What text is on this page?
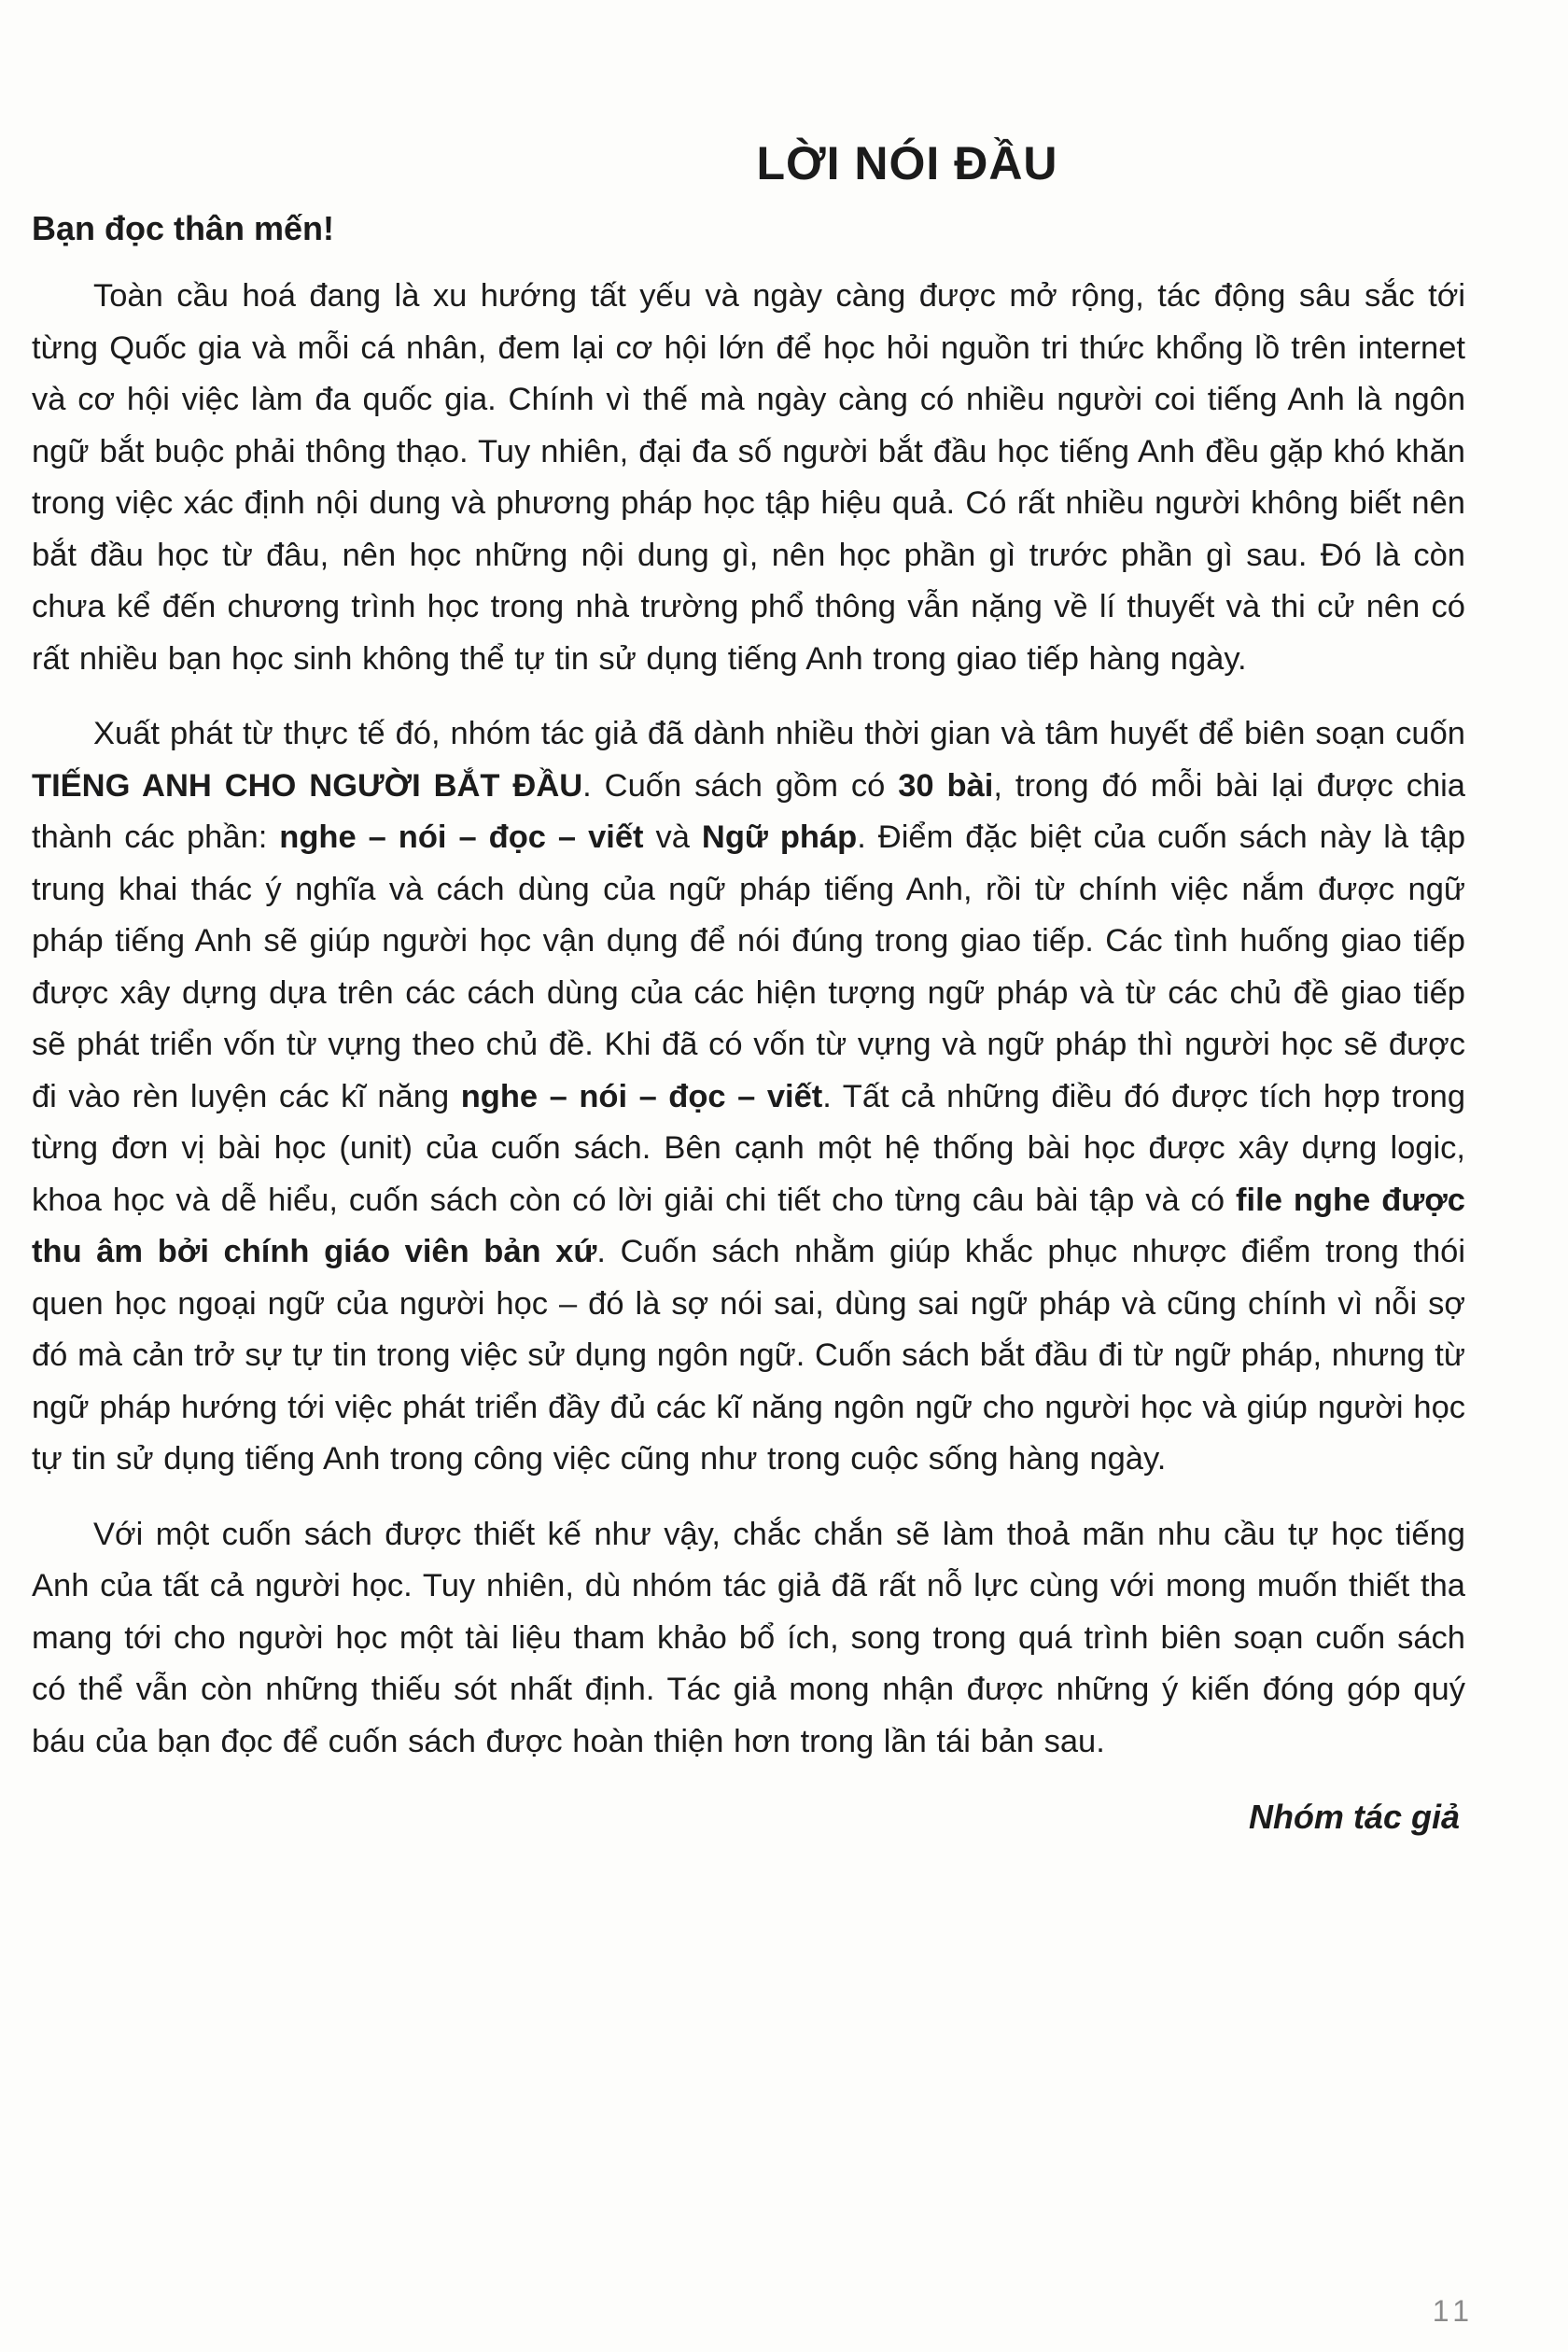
LỜI NÓI ĐẦU
Bạn đọc thân mến!

Toàn cầu hoá đang là xu hướng tất yếu và ngày càng được mở rộng, tác động sâu sắc tới từng Quốc gia và mỗi cá nhân, đem lại cơ hội lớn để học hỏi nguồn tri thức khổng lồ trên internet và cơ hội việc làm đa quốc gia. Chính vì thế mà ngày càng có nhiều người coi tiếng Anh là ngôn ngữ bắt buộc phải thông thạo. Tuy nhiên, đại đa số người bắt đầu học tiếng Anh đều gặp khó khăn trong việc xác định nội dung và phương pháp học tập hiệu quả. Có rất nhiều người không biết nên bắt đầu học từ đâu, nên học những nội dung gì, nên học phần gì trước phần gì sau. Đó là còn chưa kể đến chương trình học trong nhà trường phổ thông vẫn nặng về lí thuyết và thi cử nên có rất nhiều bạn học sinh không thể tự tin sử dụng tiếng Anh trong giao tiếp hàng ngày.

Xuất phát từ thực tế đó, nhóm tác giả đã dành nhiều thời gian và tâm huyết để biên soạn cuốn TIẾNG ANH CHO NGƯỜI BẮT ĐẦU. Cuốn sách gồm có 30 bài, trong đó mỗi bài lại được chia thành các phần: nghe – nói – đọc – viết và Ngữ pháp. Điểm đặc biệt của cuốn sách này là tập trung khai thác ý nghĩa và cách dùng của ngữ pháp tiếng Anh, rồi từ chính việc nắm được ngữ pháp tiếng Anh sẽ giúp người học vận dụng để nói đúng trong giao tiếp. Các tình huống giao tiếp được xây dựng dựa trên các cách dùng của các hiện tượng ngữ pháp và từ các chủ đề giao tiếp sẽ phát triển vốn từ vựng theo chủ đề. Khi đã có vốn từ vựng và ngữ pháp thì người học sẽ được đi vào rèn luyện các kĩ năng nghe – nói – đọc – viết. Tất cả những điều đó được tích hợp trong từng đơn vị bài học (unit) của cuốn sách. Bên cạnh một hệ thống bài học được xây dựng logic, khoa học và dễ hiểu, cuốn sách còn có lời giải chi tiết cho từng câu bài tập và có file nghe được thu âm bởi chính giáo viên bản xứ. Cuốn sách nhằm giúp khắc phục nhược điểm trong thói quen học ngoại ngữ của người học – đó là sợ nói sai, dùng sai ngữ pháp và cũng chính vì nỗi sợ đó mà cản trở sự tự tin trong việc sử dụng ngôn ngữ. Cuốn sách bắt đầu đi từ ngữ pháp, nhưng từ ngữ pháp hướng tới việc phát triển đầy đủ các kĩ năng ngôn ngữ cho người học và giúp người học tự tin sử dụng tiếng Anh trong công việc cũng như trong cuộc sống hàng ngày.

Với một cuốn sách được thiết kế như vậy, chắc chắn sẽ làm thoả mãn nhu cầu tự học tiếng Anh của tất cả người học. Tuy nhiên, dù nhóm tác giả đã rất nỗ lực cùng với mong muốn thiết tha mang tới cho người học một tài liệu tham khảo bổ ích, song trong quá trình biên soạn cuốn sách có thể vẫn còn những thiếu sót nhất định. Tác giả mong nhận được những ý kiến đóng góp quý báu của bạn đọc để cuốn sách được hoàn thiện hơn trong lần tái bản sau.

Nhóm tác giả
11
